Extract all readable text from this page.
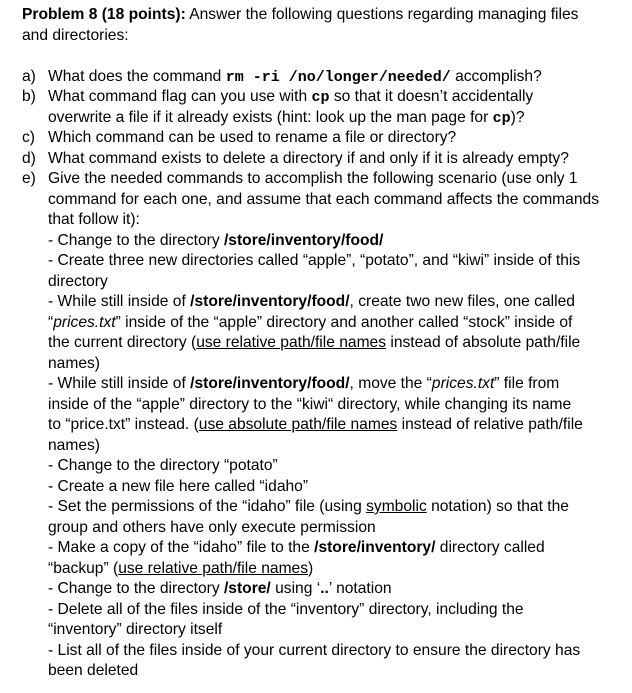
Problem 8 (18 points): Answer the following questions regarding managing files
and directories:
a) What does the command rm -ri /no/longer/needed/ accomplish?
b) What command flag can you use with cp so that it doesn’t accidentally
overwrite a file if it already exists (hint: look up the man page for cp)?
c) Which command can be used to rename a file or directory?
d) What command exists to delete a directory if and only if it is already empty?
e) Give the needed commands to accomplish the following scenario (use only 1
command for each one, and assume that each command affects the commands
that follow it):
- Change to the directory /store/inventory/food/
- Create three new directories called “apple”, “potato”, and “kiwi” inside of this
directory
- While still inside of /store/inventory/food/, create two new files, one called
“prices.txt” inside of the “apple” directory and another called “stock” inside of
the current directory (use relative path/file names instead of absolute path/file
names)
- While still inside of /store/inventory/food/, move the “prices.txt” file from
inside of the “apple” directory to the “kiwi“ directory, while changing its name
to “price.txt” instead. (use absolute path/file names instead of relative path/file
names)
- Change to the directory “potato”
- Create a new file here called “idaho”
- Set the permissions of the “idaho” file (using symbolic notation) so that the
group and others have only execute permission
- Make a copy of the “idaho” file to the /store/inventory/ directory called
“backup” (use relative path/file names)
- Change to the directory /store/ using ‘..’ notation
- Delete all of the files inside of the “inventory” directory, including the
“inventory” directory itself
- List all of the files inside of your current directory to ensure the directory has
been deleted
